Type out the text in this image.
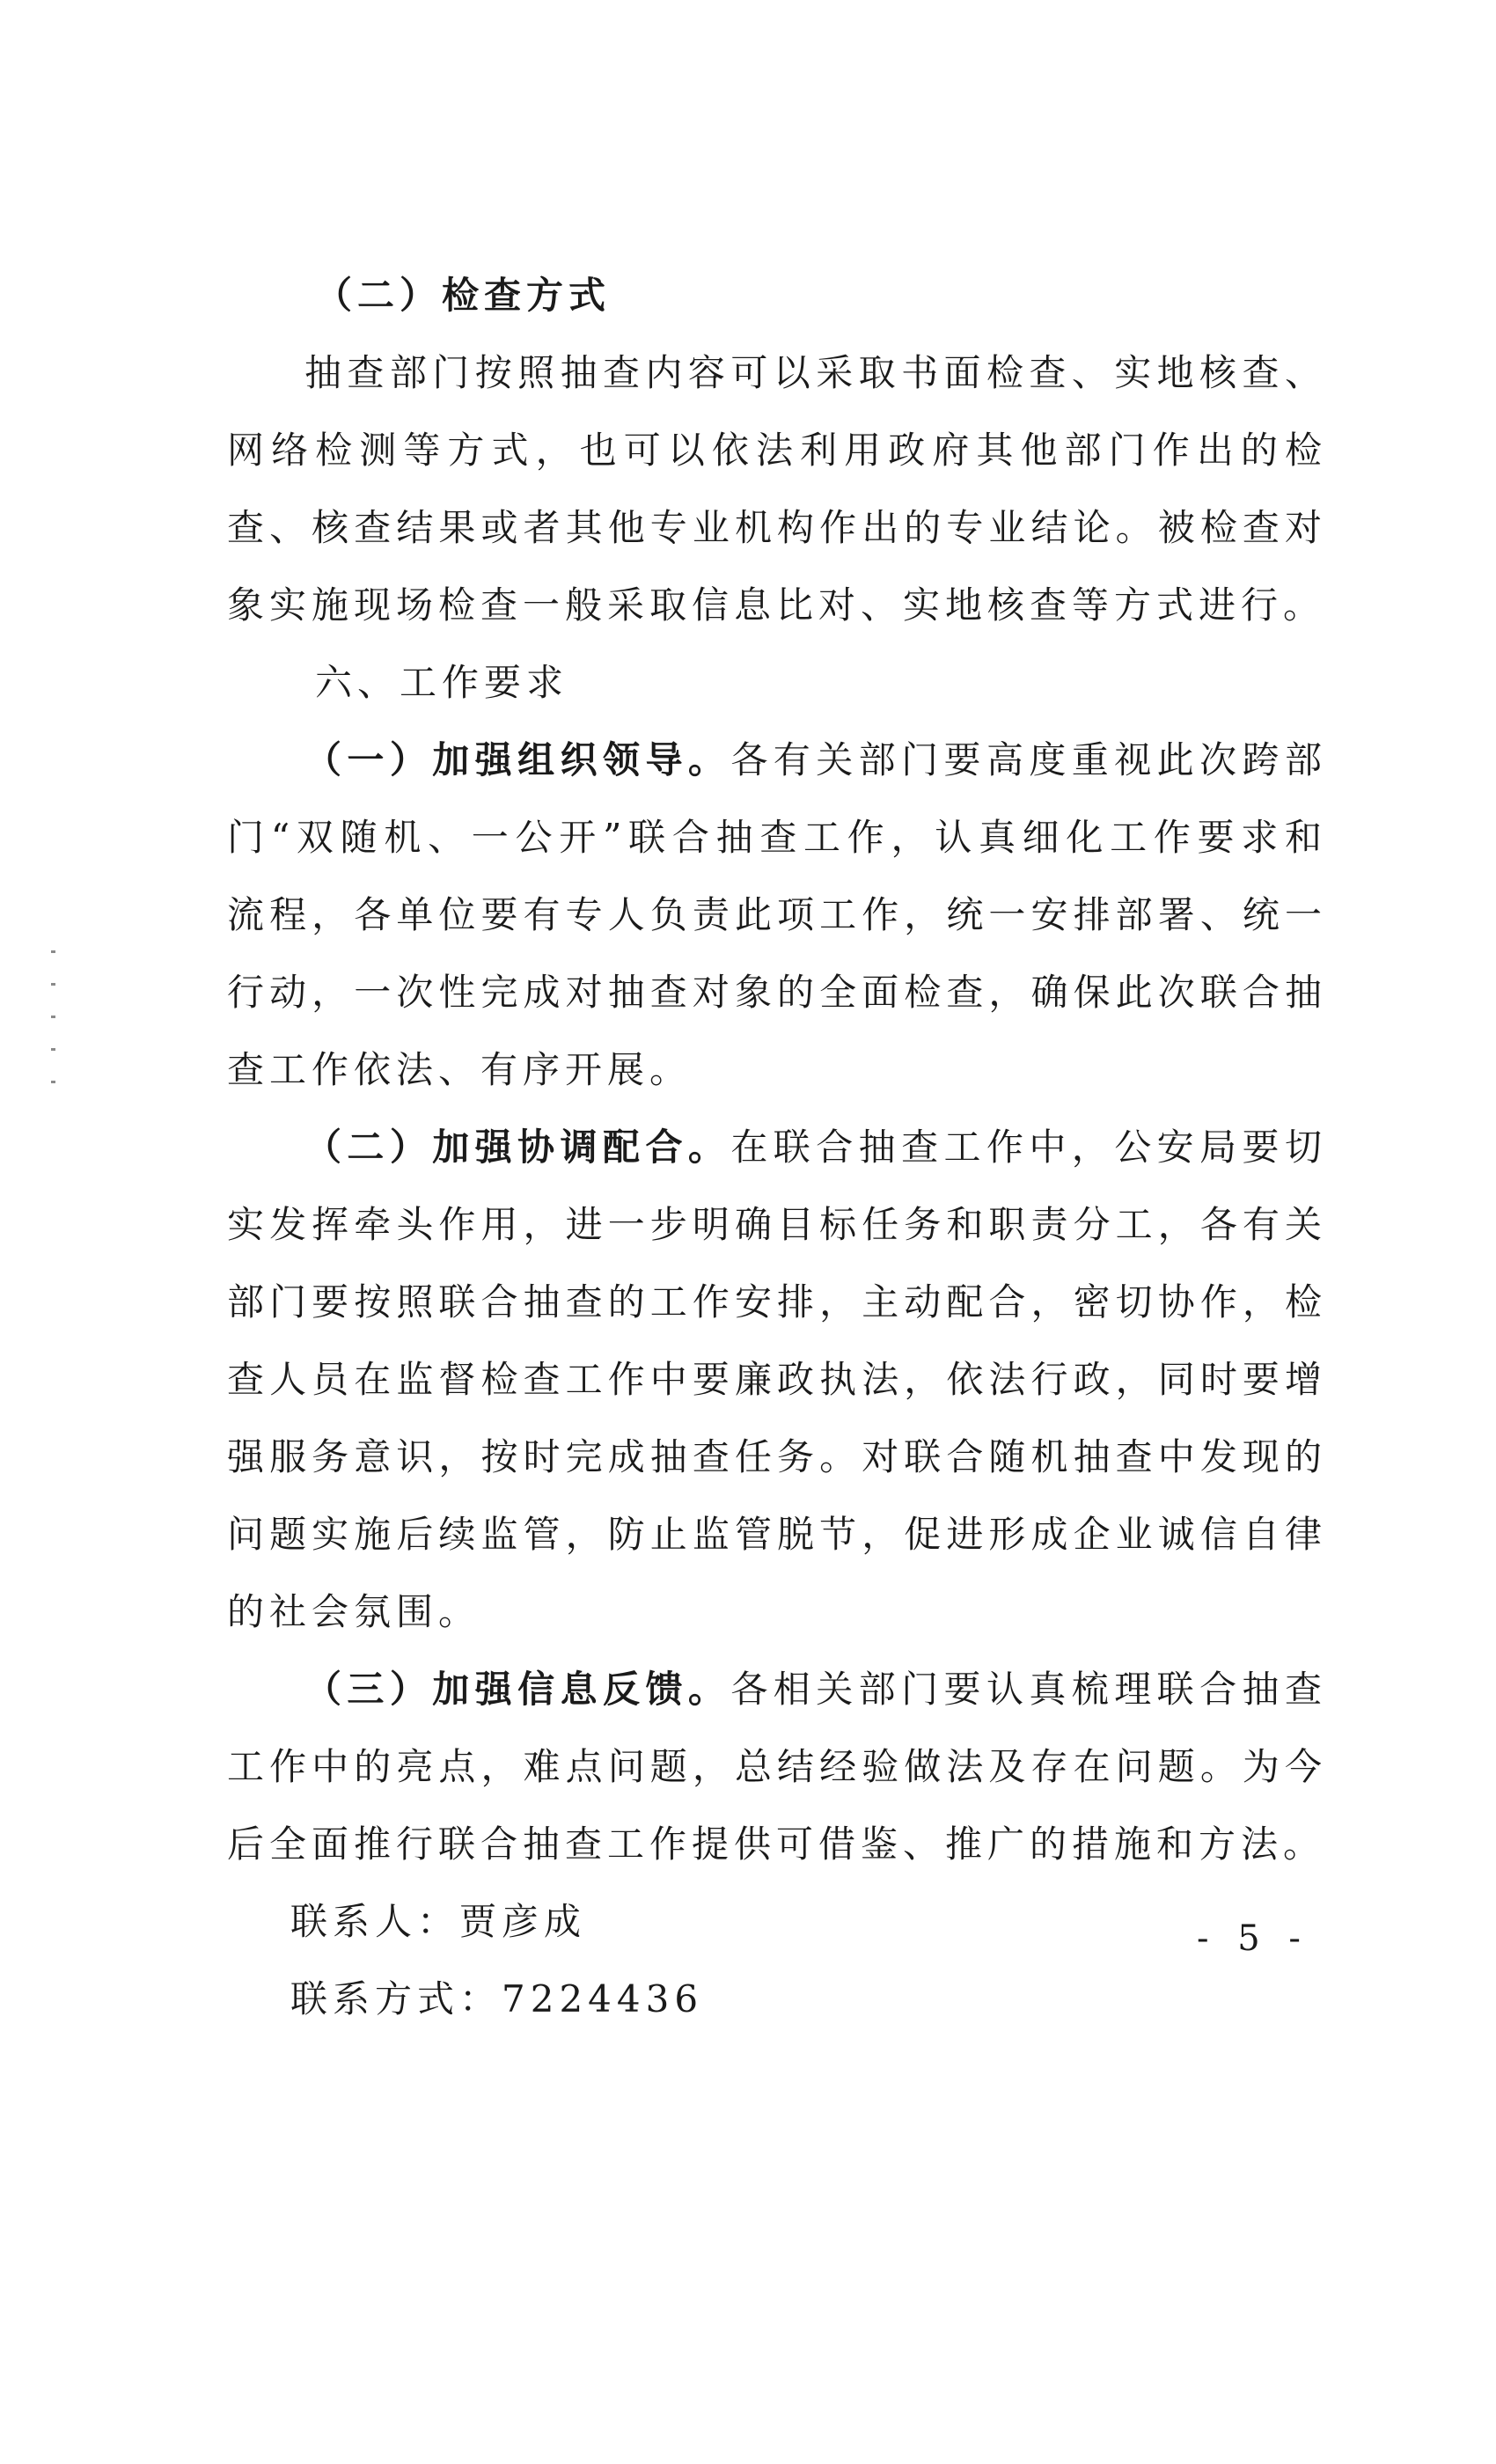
（二）检查方式

抽查部门按照抽查内容可以采取书面检查、实地核查、网络检测等方式，也可以依法利用政府其他部门作出的检查、核查结果或者其他专业机构作出的专业结论。被检查对象实施现场检查一般采取信息比对、实地核查等方式进行。

六、工作要求

（一）加强组织领导。各有关部门要高度重视此次跨部门“双随机、一公开”联合抽查工作，认真细化工作要求和流程，各单位要有专人负责此项工作，统一安排部署、统一行动，一次性完成对抽查对象的全面检查，确保此次联合抽查工作依法、有序开展。

（二）加强协调配合。在联合抽查工作中，公安局要切实发挥牵头作用，进一步明确目标任务和职责分工，各有关部门要按照联合抽查的工作安排，主动配合，密切协作，检查人员在监督检查工作中要廉政执法，依法行政，同时要增强服务意识，按时完成抽查任务。对联合随机抽查中发现的问题实施后续监管，防止监管脱节，促进形成企业诚信自律的社会氛围。

（三）加强信息反馈。各相关部门要认真梳理联合抽查工作中的亮点，难点问题，总结经验做法及存在问题。为今后全面推行联合抽查工作提供可借鉴、推广的措施和方法。

联系人：贾彦成

联系方式：7224436

- 5 -
